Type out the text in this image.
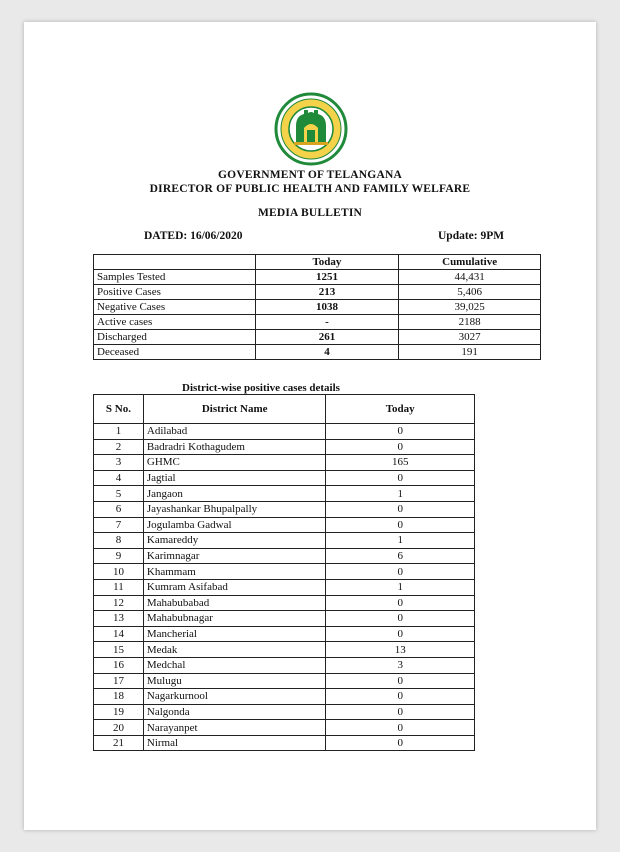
GOVERNMENT OF TELANGANA
DIRECTOR OF PUBLIC HEALTH AND FAMILY WELFARE
MEDIA BULLETIN
DATED: 16/06/2020	Update: 9PM
	Today	Cumulative
Samples Tested	1251	44,431
Positive Cases	213	5,406
Negative Cases	1038	39,025
Active cases	-	2188
Discharged	261	3027
Deceased	4	191
District-wise positive cases details
S No.	District Name	Today
1	Adilabad	0
2	Badradri Kothagudem	0
3	GHMC	165
4	Jagtial	0
5	Jangaon	1
6	Jayashankar Bhupalpally	0
7	Jogulamba Gadwal	0
8	Kamareddy	1
9	Karimnagar	6
10	Khammam	0
11	Kumram Asifabad	1
12	Mahabubabad	0
13	Mahabubnagar	0
14	Mancherial	0
15	Medak	13
16	Medchal	3
17	Mulugu	0
18	Nagarkurnool	0
19	Nalgonda	0
20	Narayanpet	0
21	Nirmal	0
